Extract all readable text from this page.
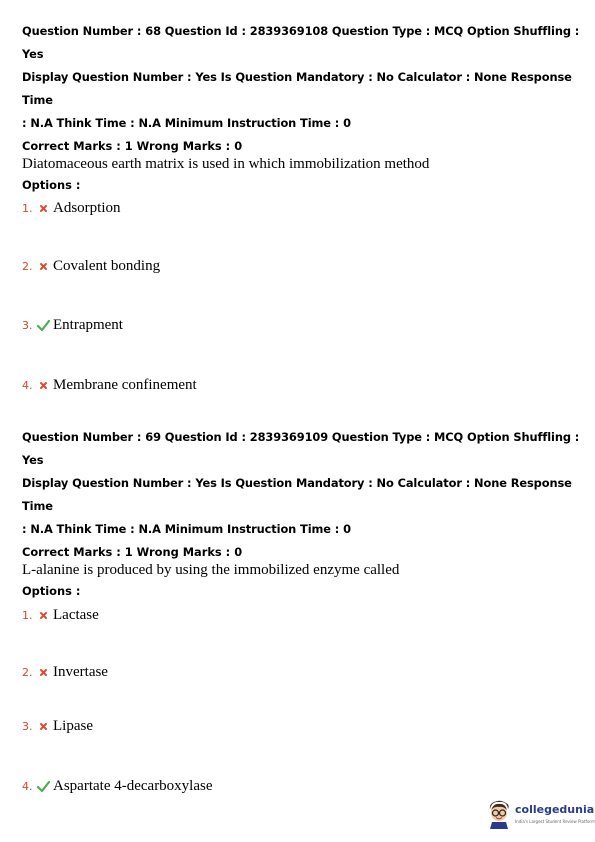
Question Number : 68 Question Id : 2839369108 Question Type : MCQ Option Shuffling : Yes
Display Question Number : Yes Is Question Mandatory : No Calculator : None Response Time
: N.A Think Time : N.A Minimum Instruction Time : 0
Correct Marks : 1 Wrong Marks : 0
Diatomaceous earth matrix is used in which immobilization method
Options :
1. Adsorption
2. Covalent bonding
3. Entrapment
4. Membrane confinement
Question Number : 69 Question Id : 2839369109 Question Type : MCQ Option Shuffling : Yes
Display Question Number : Yes Is Question Mandatory : No Calculator : None Response Time
: N.A Think Time : N.A Minimum Instruction Time : 0
Correct Marks : 1 Wrong Marks : 0
L-alanine is produced by using the immobilized enzyme called
Options :
1. Lactase
2. Invertase
3. Lipase
4. Aspartate 4-decarboxylase
collegedunia
India's Largest Student Review Platform
